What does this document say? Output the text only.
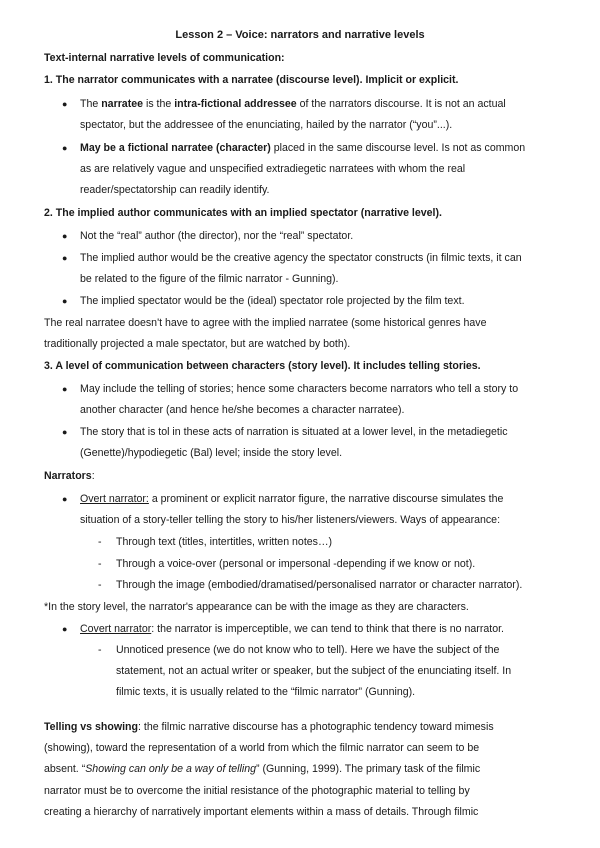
Lesson 2 – Voice: narrators and narrative levels
Text-internal narrative levels of communication:
1. The narrator communicates with a narratee (discourse level). Implicit or explicit.
● The narratee is the intra-fictional addressee of the narrators discourse. It is not an actual
spectator, but the addressee of the enunciating, hailed by the narrator (“you”...).
● May be a fictional narratee (character) placed in the same discourse level. Is not as common
as are relatively vague and unspecified extradiegetic narratees with whom the real
reader/spectatorship can readily identify.
2. The implied author communicates with an implied spectator (narrative level).
● Not the “real” author (the director), nor the “real” spectator.
● The implied author would be the creative agency the spectator constructs (in filmic texts, it can
be related to the figure of the filmic narrator - Gunning).
● The implied spectator would be the (ideal) spectator role projected by the film text.
The real narratee doesn't have to agree with the implied narratee (some historical genres have
traditionally projected a male spectator, but are watched by both).
3. A level of communication between characters (story level). It includes telling stories.
● May include the telling of stories; hence some characters become narrators who tell a story to
another character (and hence he/she becomes a character narratee).
● The story that is tol in these acts of narration is situated at a lower level, in the metadiegetic
(Genette)/hypodiegetic (Bal) level; inside the story level.
Narrators:
● Overt narrator: a prominent or explicit narrator figure, the narrative discourse simulates the
situation of a story-teller telling the story to his/her listeners/viewers. Ways of appearance:
- Through text (titles, intertitles, written notes…)
- Through a voice-over (personal or impersonal -depending if we know or not).
- Through the image (embodied/dramatised/personalised narrator or character narrator).
*In the story level, the narrator's appearance can be with the image as they are characters.
● Covert narrator: the narrator is imperceptible, we can tend to think that there is no narrator.
- Unnoticed presence (we do not know who to tell). Here we have the subject of the
statement, not an actual writer or speaker, but the subject of the enunciating itself. In
filmic texts, it is usually related to the “filmic narrator” (Gunning).
Telling vs showing: the filmic narrative discourse has a photographic tendency toward mimesis
(showing), toward the representation of a world from which the filmic narrator can seem to be
absent. “Showing can only be a way of telling” (Gunning, 1999). The primary task of the filmic
narrator must be to overcome the initial resistance of the photographic material to telling by
creating a hierarchy of narratively important elements within a mass of details. Through filmic
